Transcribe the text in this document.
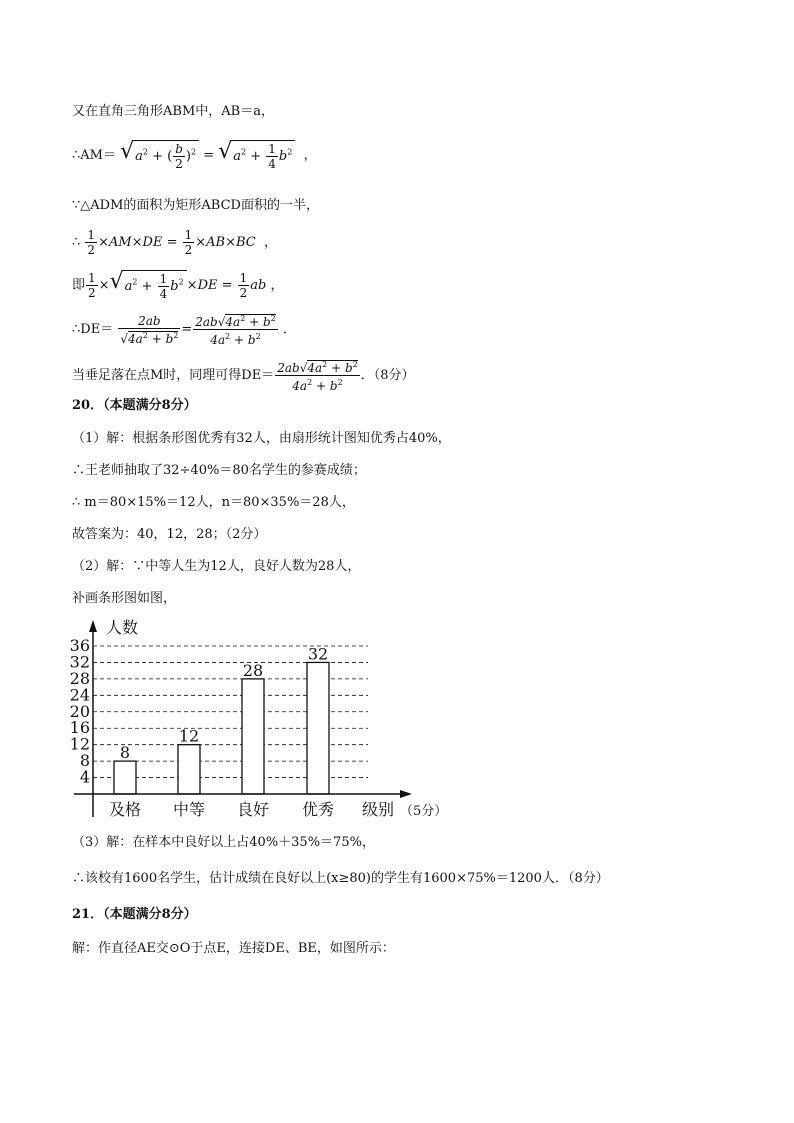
又在直角三角形ABM中，AB＝a，
∴AM＝ √ $a^2$ + ( $\frac{b}{2} )^2$ = √ $a^2 + \frac{1}{4} b^2$  ，
∵△ADM的面积为矩形ABCD面积的一半，
∴ $\frac{1}{2} \times AM\times DE = \frac{1}{2} \times AB\times BC$  ，
即 $\frac{1}{2}$ × √ $a^2 + \frac{1}{4} b^2 \times DE = \frac{1}{2}$ ab ，
∴DE＝ $\frac{2ab}{√4a^2 + b^2} = \frac{2ab√4a^2 + b^2}{4a^2 + b^2}$ ．
当垂足落在点M时，同理可得$DE= \frac{2ab√4a^2 + b^2}{4a^2 + b^2}$ ．（8分）
20．（本题满分8分）
（1）解：根据条形图优秀有32人，由扇形统计图知优秀占40%，
∴王老师抽取了32÷40%＝80名学生的参赛成绩；
∴ m＝80×15%＝12人，n＝80×35%＝28人，
故答案为：40，12，28；（2分）
（2）解：∵中等人生为12人，良好人数为28人，
补画条形图如图，
4
8
12
16
20
24
28
32
36
8
12
28
32
及格 中等 良好 优秀
人数
级别 （5分）
（3）解：在样本中良好以上占40%＋35%＝75%，
∴该校有1600名学生，估计成绩在良好以上(x≥80)的学生有1600×75%＝1200人．（8分）
21．（本题满分8分）
解：作直径AE交⊙O于点E，连接DE、BE，如图所示：
